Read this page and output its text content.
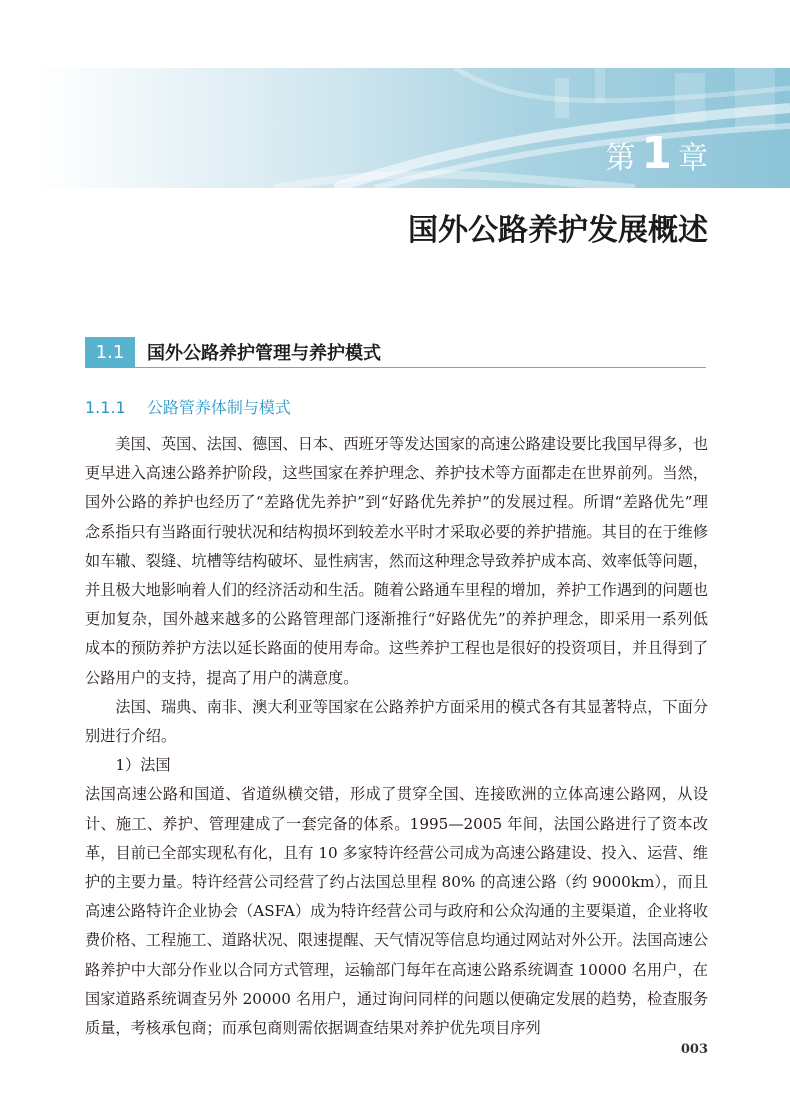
第 1 章
国外公路养护发展概述
1.1	国外公路养护管理与养护模式
1.1.1 公路管养体制与模式

美国、英国、法国、德国、日本、西班牙等发达国家的高速公路建设要比我国早得多，也更早进入高速公路养护阶段，这些国家在养护理念、养护技术等方面都走在世界前列。当然，国外公路的养护也经历了“差路优先养护”到“好路优先养护”的发展过程。所谓“差路优先”理念系指只有当路面行驶状况和结构损坏到较差水平时才采取必要的养护措施。其目的在于维修如车辙、裂缝、坑槽等结构破坏、显性病害，然而这种理念导致养护成本高、效率低等问题，并且极大地影响着人们的经济活动和生活。随着公路通车里程的增加，养护工作遇到的问题也更加复杂，国外越来越多的公路管理部门逐渐推行“好路优先”的养护理念，即采用一系列低成本的预防养护方法以延长路面的使用寿命。这些养护工程也是很好的投资项目，并且得到了公路用户的支持，提高了用户的满意度。

法国、瑞典、南非、澳大利亚等国家在公路养护方面采用的模式各有其显著特点，下面分别进行介绍。

1）法国

法国高速公路和国道、省道纵横交错，形成了贯穿全国、连接欧洲的立体高速公路网，从设计、施工、养护、管理建成了一套完备的体系。1995—2005 年间，法国公路进行了资本改革，目前已全部实现私有化，且有 10 多家特许经营公司成为高速公路建设、投入、运营、维护的主要力量。特许经营公司经营了约占法国总里程 80% 的高速公路（约 9000km），而且高速公路特许企业协会（ASFA）成为特许经营公司与政府和公众沟通的主要渠道，企业将收费价格、工程施工、道路状况、限速提醒、天气情况等信息均通过网站对外公开。法国高速公路养护中大部分作业以合同方式管理，运输部门每年在高速公路系统调查 10000 名用户，在国家道路系统调查另外 20000 名用户，通过询问同样的问题以便确定发展的趋势，检查服务质量，考核承包商；而承包商则需依据调查结果对养护优先项目序列

003
